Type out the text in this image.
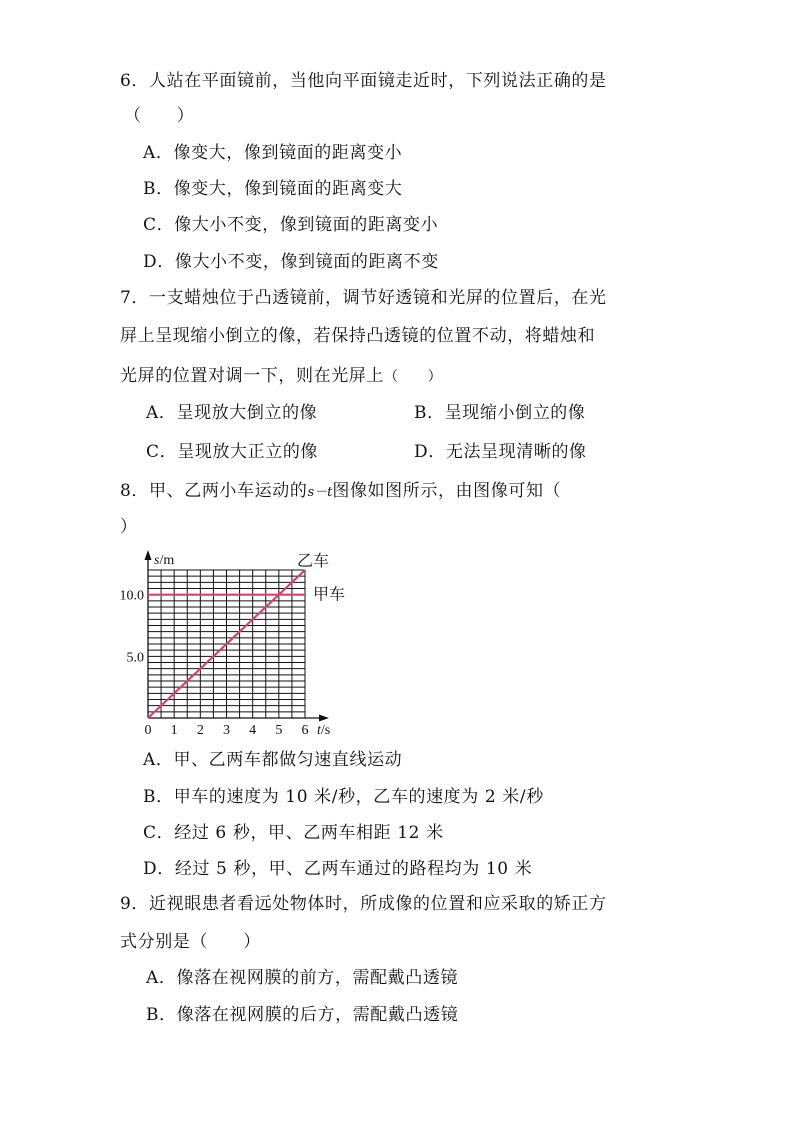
6．人站在平面镜前，当他向平面镜走近时，下列说法正确的是
（　　）
A．像变大，像到镜面的距离变小
B．像变大，像到镜面的距离变大
C．像大小不变，像到镜面的距离变小
D．像大小不变，像到镜面的距离不变
7．一支蜡烛位于凸透镜前，调节好透镜和光屏的位置后，在光
屏上呈现缩小倒立的像，若保持凸透镜的位置不动，将蜡烛和
光屏的位置对调一下，则在光屏上（　　）
A．呈现放大倒立的像	B．呈现缩小倒立的像
C．呈现放大正立的像	D．无法呈现清晰的像
8．甲、乙两小车运动的s－t图像如图所示，由图像可知（
）
0 1 2 3 4 5 6
5.0
10.0
s/m
t/s
甲车
乙车
A．甲、乙两车都做匀速直线运动
B．甲车的速度为 10 米/秒，乙车的速度为 2 米/秒
C．经过 6 秒，甲、乙两车相距 12 米
D．经过 5 秒，甲、乙两车通过的路程均为 10 米
9．近视眼患者看远处物体时，所成像的位置和应采取的矫正方
式分别是（　　）
A．像落在视网膜的前方，需配戴凸透镜
B．像落在视网膜的后方，需配戴凸透镜
